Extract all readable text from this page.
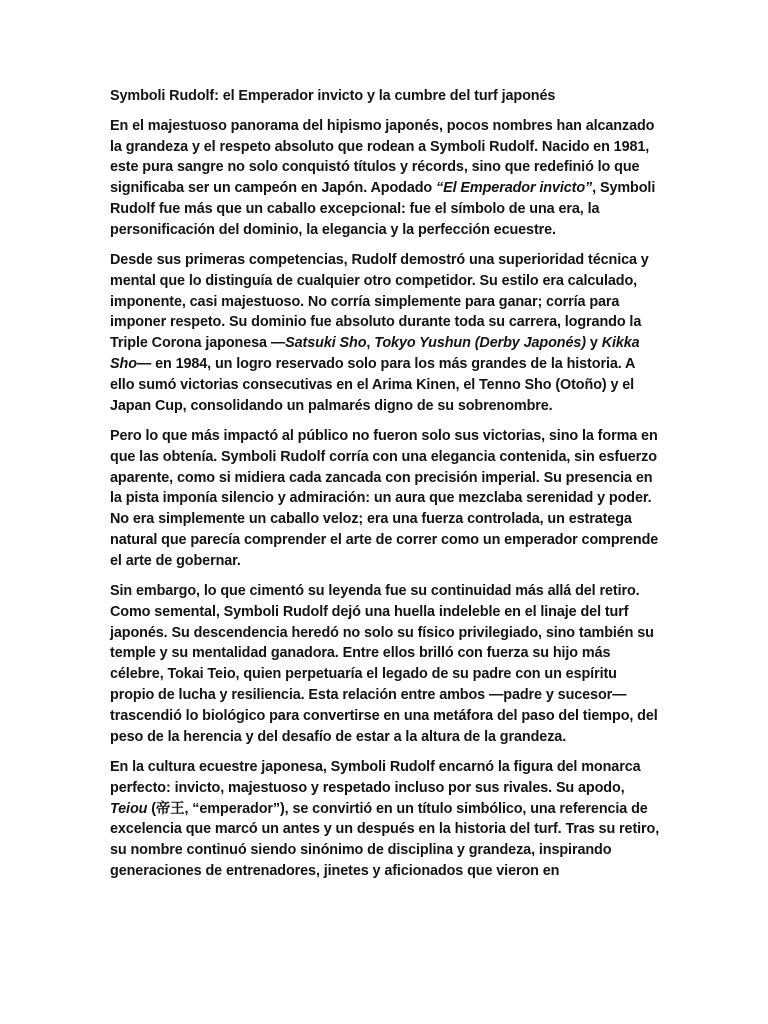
Symboli Rudolf: el Emperador invicto y la cumbre del turf japonés

En el majestuoso panorama del hipismo japonés, pocos nombres han alcanzado la grandeza y el respeto absoluto que rodean a Symboli Rudolf. Nacido en 1981, este pura sangre no solo conquistó títulos y récords, sino que redefinió lo que significaba ser un campeón en Japón. Apodado “El Emperador invicto”, Symboli Rudolf fue más que un caballo excepcional: fue el símbolo de una era, la personificación del dominio, la elegancia y la perfección ecuestre.

Desde sus primeras competencias, Rudolf demostró una superioridad técnica y mental que lo distinguía de cualquier otro competidor. Su estilo era calculado, imponente, casi majestuoso. No corría simplemente para ganar; corría para imponer respeto. Su dominio fue absoluto durante toda su carrera, logrando la Triple Corona japonesa —Satsuki Sho, Tokyo Yushun (Derby Japonés) y Kikka Sho— en 1984, un logro reservado solo para los más grandes de la historia. A ello sumó victorias consecutivas en el Arima Kinen, el Tenno Sho (Otoño) y el Japan Cup, consolidando un palmarés digno de su sobrenombre.

Pero lo que más impactó al público no fueron solo sus victorias, sino la forma en que las obtenía. Symboli Rudolf corría con una elegancia contenida, sin esfuerzo aparente, como si midiera cada zancada con precisión imperial. Su presencia en la pista imponía silencio y admiración: un aura que mezclaba serenidad y poder. No era simplemente un caballo veloz; era una fuerza controlada, un estratega natural que parecía comprender el arte de correr como un emperador comprende el arte de gobernar.

Sin embargo, lo que cimentó su leyenda fue su continuidad más allá del retiro. Como semental, Symboli Rudolf dejó una huella indeleble en el linaje del turf japonés. Su descendencia heredó no solo su físico privilegiado, sino también su temple y su mentalidad ganadora. Entre ellos brilló con fuerza su hijo más célebre, Tokai Teio, quien perpetuaría el legado de su padre con un espíritu propio de lucha y resiliencia. Esta relación entre ambos —padre y sucesor— trascendió lo biológico para convertirse en una metáfora del paso del tiempo, del peso de la herencia y del desafío de estar a la altura de la grandeza.

En la cultura ecuestre japonesa, Symboli Rudolf encarnó la figura del monarca perfecto: invicto, majestuoso y respetado incluso por sus rivales. Su apodo, Teiou (帝王, “emperador”), se convirtió en un título simbólico, una referencia de excelencia que marcó un antes y un después en la historia del turf. Tras su retiro, su nombre continuó siendo sinónimo de disciplina y grandeza, inspirando generaciones de entrenadores, jinetes y aficionados que vieron en
